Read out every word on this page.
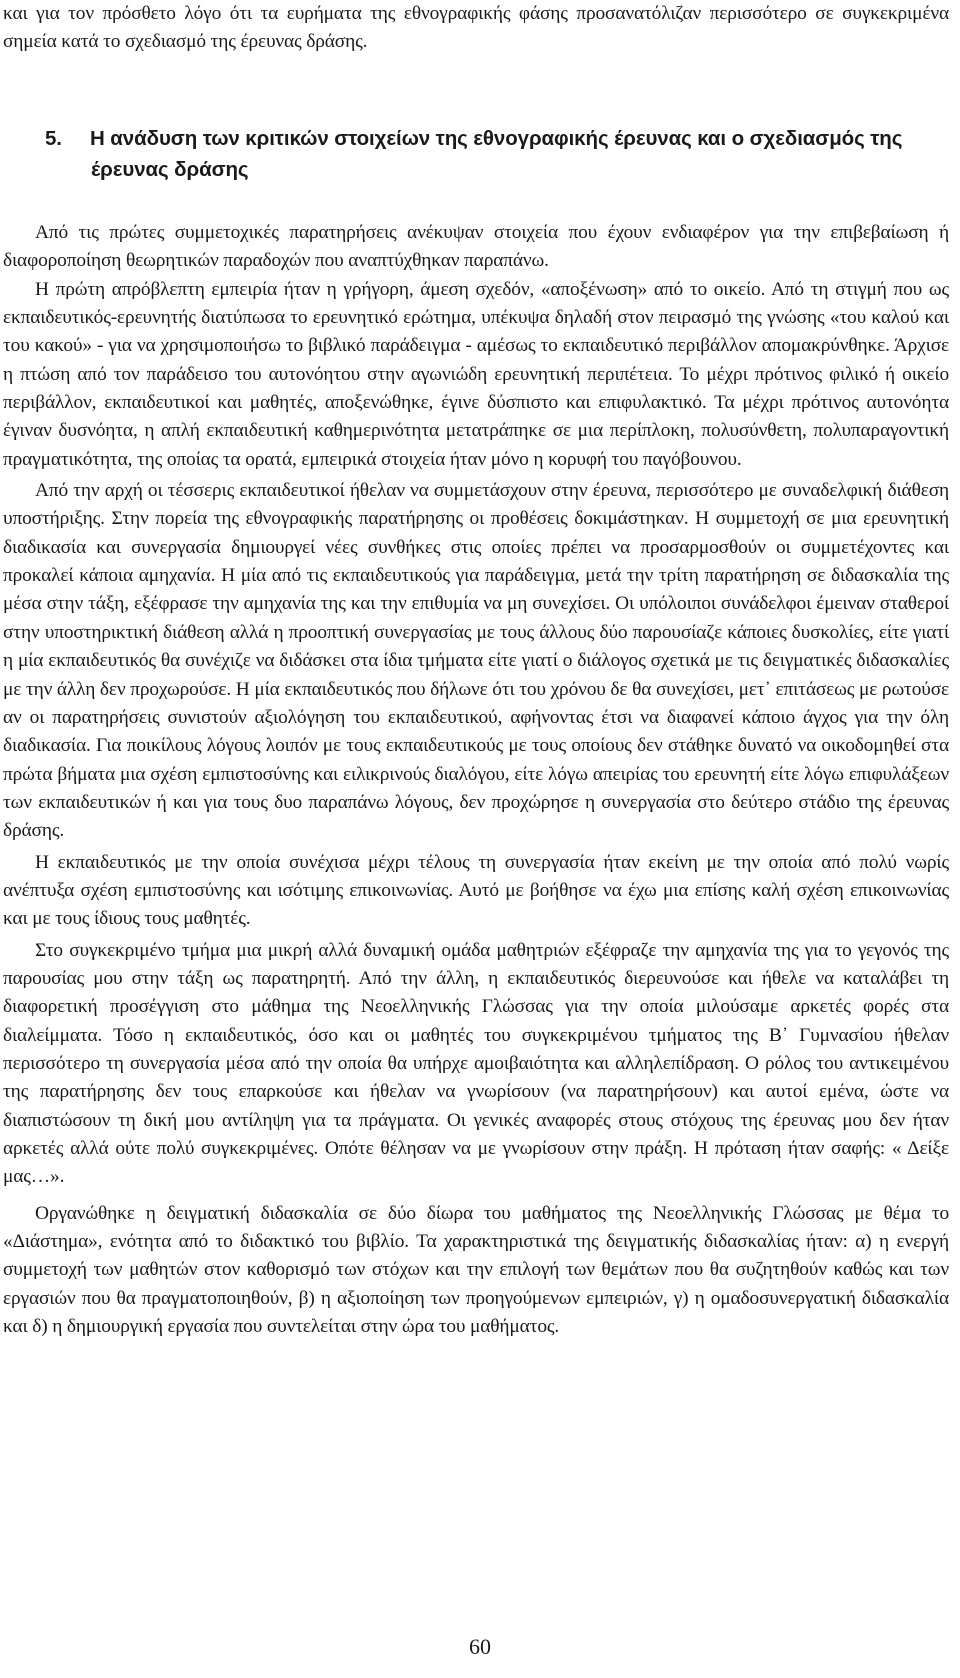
και για τον πρόσθετο λόγο ότι τα ευρήματα της εθνογραφικής φάσης προσανατόλιζαν περισσότερο σε συγκεκριμένα σημεία κατά το σχεδιασμό της έρευνας δράσης.

5. Η ανάδυση των κριτικών στοιχείων της εθνογραφικής έρευνας και ο σχεδιασμός της
έρευνας δράσης

Από τις πρώτες συμμετοχικές παρατηρήσεις ανέκυψαν στοιχεία που έχουν ενδιαφέρον για την επιβεβαίωση ή διαφοροποίηση θεωρητικών παραδοχών που αναπτύχθηκαν παραπάνω.

Η πρώτη απρόβλεπτη εμπειρία ήταν η γρήγορη, άμεση σχεδόν, «αποξένωση» από το οικείο. Από τη στιγμή που ως εκπαιδευτικός-ερευνητής διατύπωσα το ερευνητικό ερώτημα, υπέκυψα δηλαδή στον πειρασμό της γνώσης «του καλού και του κακού» - για να χρησιμοποιήσω το βιβλικό παράδειγμα - αμέσως το εκπαιδευτικό περιβάλλον απομακρύνθηκε. Άρχισε η πτώση από τον παράδεισο του αυτονόητου στην αγωνιώδη ερευνητική περιπέτεια. Το μέχρι πρότινος φιλικό ή οικείο περιβάλλον, εκπαιδευτικοί και μαθητές, αποξενώθηκε, έγινε δύσπιστο και επιφυλακτικό. Τα μέχρι πρότινος αυτονόητα έγιναν δυσνόητα, η απλή εκπαιδευτική καθημερινότητα μετατράπηκε σε μια περίπλοκη, πολυσύνθετη, πολυπαραγοντική πραγματικότητα, της οποίας τα ορατά, εμπειρικά στοιχεία ήταν μόνο η κορυφή του παγόβουνου.

Από την αρχή οι τέσσερις εκπαιδευτικοί ήθελαν να συμμετάσχουν στην έρευνα, περισσότερο με συναδελφική διάθεση υποστήριξης. Στην πορεία της εθνογραφικής παρατήρησης οι προθέσεις δοκιμάστηκαν. Η συμμετοχή σε μια ερευνητική διαδικασία και συνεργασία δημιουργεί νέες συνθήκες στις οποίες πρέπει να προσαρμοσθούν οι συμμετέχοντες και προκαλεί κάποια αμηχανία. Η μία από τις εκπαιδευτικούς για παράδειγμα, μετά την τρίτη παρατήρηση σε διδασκαλία της μέσα στην τάξη, εξέφρασε την αμηχανία της και την επιθυμία να μη συνεχίσει. Οι υπόλοιποι συνάδελφοι έμειναν σταθεροί στην υποστηρικτική διάθεση αλλά η προοπτική συνεργασίας με τους άλλους δύο παρουσίαζε κάποιες δυσκολίες, είτε γιατί η μία εκπαιδευτικός θα συνέχιζε να διδάσκει στα ίδια τμήματα είτε γιατί ο διάλογος σχετικά με τις δειγματικές διδασκαλίες με την άλλη δεν προχωρούσε. Η μία εκπαιδευτικός που δήλωνε ότι του χρόνου δε θα συνεχίσει, μετ᾽ επιτάσεως με ρωτούσε αν οι παρατηρήσεις συνιστούν αξιολόγηση του εκπαιδευτικού, αφήνοντας έτσι να διαφανεί κάποιο άγχος για την όλη διαδικασία. Για ποικίλους λόγους λοιπόν με τους εκπαιδευτικούς με τους οποίους δεν στάθηκε δυνατό να οικοδομηθεί στα πρώτα βήματα μια σχέση εμπιστοσύνης και ειλικρινούς διαλόγου, είτε λόγω απειρίας του ερευνητή είτε λόγω επιφυλάξεων των εκπαιδευτικών ή και για τους δυο παραπάνω λόγους, δεν προχώρησε η συνεργασία στο δεύτερο στάδιο της έρευνας δράσης.

Η εκπαιδευτικός με την οποία συνέχισα μέχρι τέλους τη συνεργασία ήταν εκείνη με την οποία από πολύ νωρίς ανέπτυξα σχέση εμπιστοσύνης και ισότιμης επικοινωνίας. Αυτό με βοήθησε να έχω μια επίσης καλή σχέση επικοινωνίας και με τους ίδιους τους μαθητές.

Στο συγκεκριμένο τμήμα μια μικρή αλλά δυναμική ομάδα μαθητριών εξέφραζε την αμηχανία της για το γεγονός της παρουσίας μου στην τάξη ως παρατηρητή. Από την άλλη, η εκπαιδευτικός διερευνούσε και ήθελε να καταλάβει τη διαφορετική προσέγγιση στο μάθημα της Νεοελληνικής Γλώσσας για την οποία μιλούσαμε αρκετές φορές στα διαλείμματα. Τόσο η εκπαιδευτικός, όσο και οι μαθητές του συγκεκριμένου τμήματος της Β᾽ Γυμνασίου ήθελαν περισσότερο τη συνεργασία μέσα από την οποία θα υπήρχε αμοιβαιότητα και αλληλεπίδραση. Ο ρόλος του αντικειμένου της παρατήρησης δεν τους επαρκούσε και ήθελαν να γνωρίσουν (να παρατηρήσουν) και αυτοί εμένα, ώστε να διαπιστώσουν τη δική μου αντίληψη για τα πράγματα. Οι γενικές αναφορές στους στόχους της έρευνας μου δεν ήταν αρκετές αλλά ούτε πολύ συγκεκριμένες. Οπότε θέλησαν να με γνωρίσουν στην πράξη. Η πρόταση ήταν σαφής: « Δείξε μας…».

Οργανώθηκε η δειγματική διδασκαλία σε δύο δίωρα του μαθήματος της Νεοελληνικής Γλώσσας με θέμα το «Διάστημα», ενότητα από το διδακτικό του βιβλίο. Τα χαρακτηριστικά της δειγματικής διδασκαλίας ήταν: α) η ενεργή συμμετοχή των μαθητών στον καθορισμό των στόχων και την επιλογή των θεμάτων που θα συζητηθούν καθώς και των εργασιών που θα πραγματοποιηθούν, β) η αξιοποίηση των προηγούμενων εμπειριών, γ) η ομαδοσυνεργατική διδασκαλία και δ) η δημιουργική εργασία που συντελείται στην ώρα του μαθήματος.

60
